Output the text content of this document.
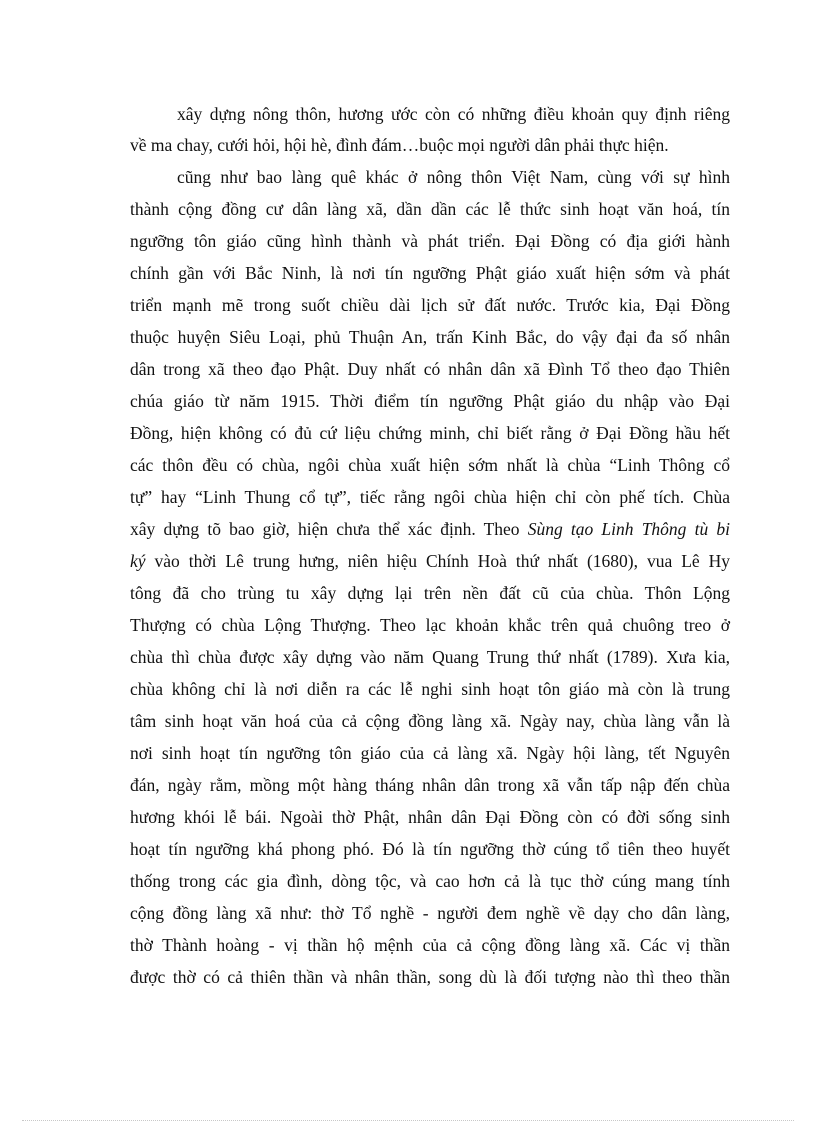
xây dựng nông thôn, hương ước còn có những điều khoản quy định riêng

về ma chay, cưới hỏi, hội hè, đình đám…buộc mọi người dân phải thực hiện.

cũng như bao làng quê khác ở nông thôn Việt Nam, cùng với sự hình

thành cộng đồng cư dân làng xã, dần dần các lễ thức sinh hoạt văn hoá, tín

ngưỡng tôn giáo cũng hình thành và phát triển. Đại Đồng có địa giới hành

chính gần với Bắc Ninh, là nơi tín ngưỡng Phật giáo xuất hiện sớm và phát

triển mạnh mẽ trong suốt chiều dài lịch sử đất nước. Trước kia, Đại Đồng

thuộc huyện Siêu Loại, phủ Thuận An, trấn Kinh Bắc, do vậy đại đa số nhân

dân trong xã theo đạo Phật. Duy nhất có nhân dân xã Đình Tổ theo đạo Thiên

chúa giáo từ năm 1915. Thời điểm tín ngưỡng Phật giáo du nhập vào Đại

Đồng, hiện không có đủ cứ liệu chứng minh, chỉ biết rằng ở Đại Đồng hầu hết

các thôn đều có chùa, ngôi chùa xuất hiện sớm nhất là chùa “Linh Thông cổ

tự” hay “Linh Thung cổ tự”, tiếc rằng ngôi chùa hiện chỉ còn phế tích. Chùa

xây dựng tõ bao giờ, hiện chưa thể xác định. Theo Sùng tạo Linh Thông tù bi

ký vào thời Lê trung hưng, niên hiệu Chính Hoà thứ nhất (1680), vua Lê Hy

tông đã cho trùng tu xây dựng lại trên nền đất cũ của chùa. Thôn Lộng

Thượng có chùa Lộng Thượng. Theo lạc khoản khắc trên quả chuông treo ở

chùa thì chùa được xây dựng vào năm Quang Trung thứ nhất (1789). Xưa kia,

chùa không chỉ là nơi diễn ra các lễ nghi sinh hoạt tôn giáo mà còn là trung

tâm sinh hoạt văn hoá của cả cộng đồng làng xã. Ngày nay, chùa làng vẫn là

nơi sinh hoạt tín ngưỡng tôn giáo của cả làng xã. Ngày hội làng, tết Nguyên

đán, ngày rằm, mồng một hàng tháng nhân dân trong xã vẫn tấp nập đến chùa

hương khói lễ bái. Ngoài thờ Phật, nhân dân Đại Đồng còn có đời sống sinh

hoạt tín ngưỡng khá phong phó. Đó là tín ngưỡng thờ cúng tổ tiên theo huyết

thống trong các gia đình, dòng tộc, và cao hơn cả là tục thờ cúng mang tính

cộng đồng làng xã như: thờ Tổ nghề - người đem nghề về dạy cho dân làng,

thờ Thành hoàng - vị thần hộ mệnh của cả cộng đồng làng xã. Các vị thần

được thờ có cả thiên thần và nhân thần, song dù là đối tượng nào thì theo thần
